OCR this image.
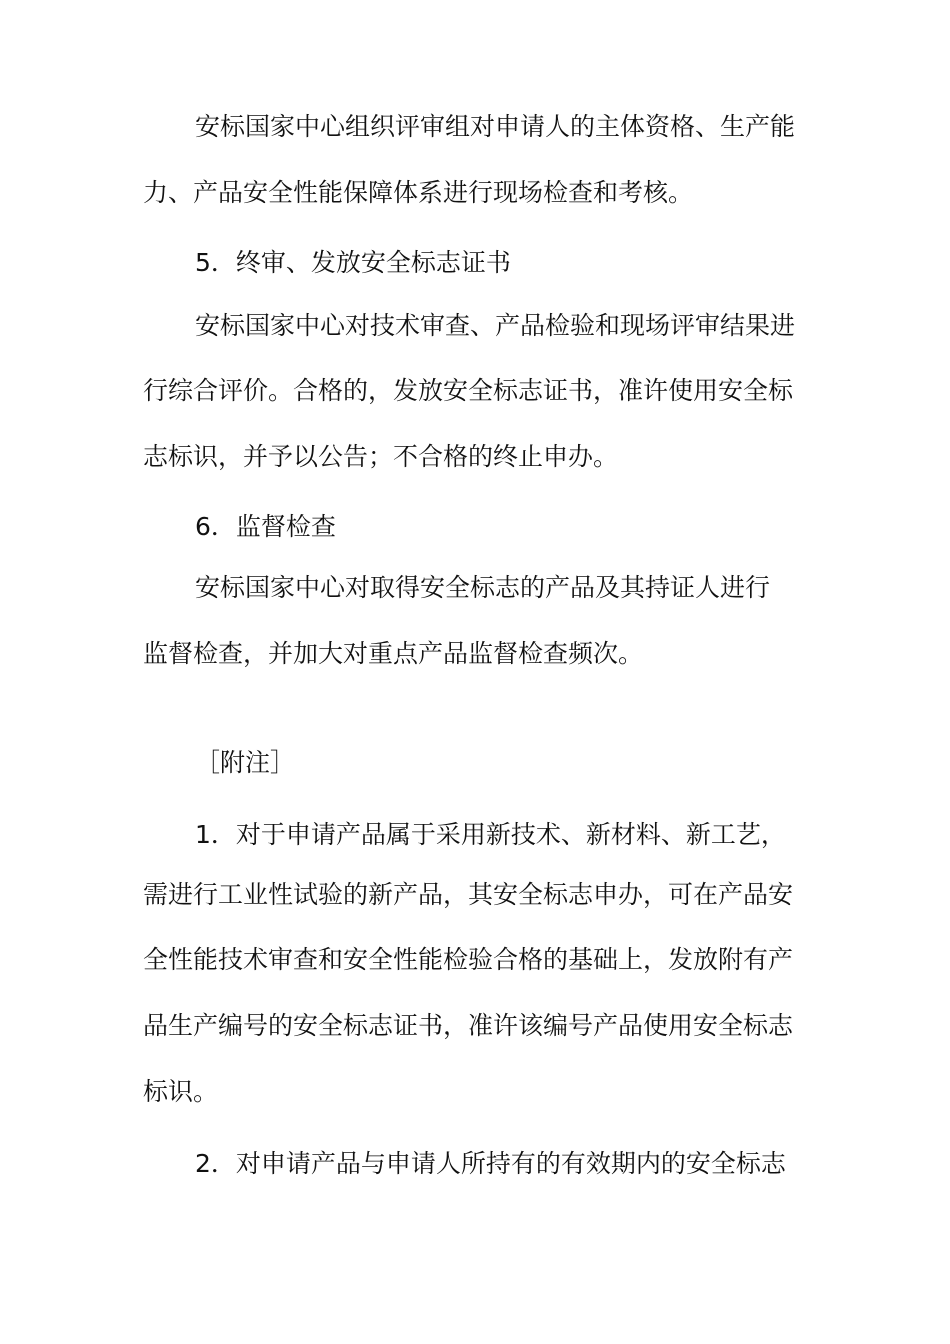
安标国家中心组织评审组对申请人的主体资格、生产能
力、产品安全性能保障体系进行现场检查和考核。
5．终审、发放安全标志证书
安标国家中心对技术审查、产品检验和现场评审结果进
行综合评价。合格的，发放安全标志证书，准许使用安全标
志标识，并予以公告；不合格的终止申办。
6．监督检查
安标国家中心对取得安全标志的产品及其持证人进行
监督检查，并加大对重点产品监督检查频次。
［附注］
1．对于申请产品属于采用新技术、新材料、新工艺，
需进行工业性试验的新产品，其安全标志申办，可在产品安
全性能技术审查和安全性能检验合格的基础上，发放附有产
品生产编号的安全标志证书，准许该编号产品使用安全标志
标识。
2．对申请产品与申请人所持有的有效期内的安全标志
